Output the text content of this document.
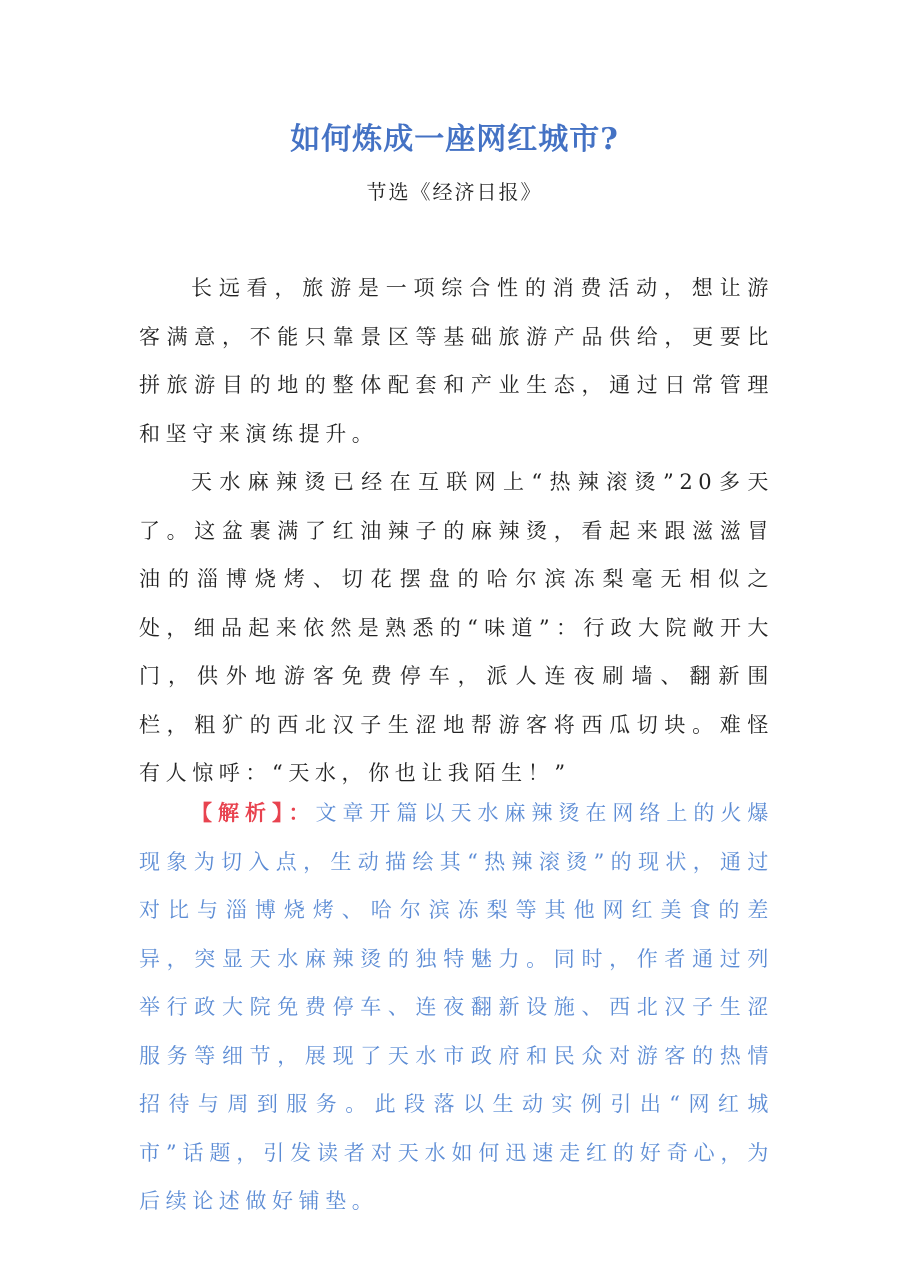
如何炼成一座网红城市?
节选《经济日报》

长远看，旅游是一项综合性的消费活动，想让游客满意，不能只靠景区等基础旅游产品供给，更要比拼旅游目的地的整体配套和产业生态，通过日常管理和坚守来演练提升。

天水麻辣烫已经在互联网上“热辣滚烫”20多天了。这盆裹满了红油辣子的麻辣烫，看起来跟滋滋冒油的淄博烧烤、切花摆盘的哈尔滨冻梨毫无相似之处，细品起来依然是熟悉的“味道”：行政大院敞开大门，供外地游客免费停车，派人连夜刷墙、翻新围栏，粗犷的西北汉子生涩地帮游客将西瓜切块。难怪有人惊呼：“天水，你也让我陌生！”

【解析】：文章开篇以天水麻辣烫在网络上的火爆现象为切入点，生动描绘其“热辣滚烫”的现状，通过对比与淄博烧烤、哈尔滨冻梨等其他网红美食的差异，突显天水麻辣烫的独特魅力。同时，作者通过列举行政大院免费停车、连夜翻新设施、西北汉子生涩服务等细节，展现了天水市政府和民众对游客的热情招待与周到服务。此段落以生动实例引出“网红城市”话题，引发读者对天水如何迅速走红的好奇心，为后续论述做好铺垫。
